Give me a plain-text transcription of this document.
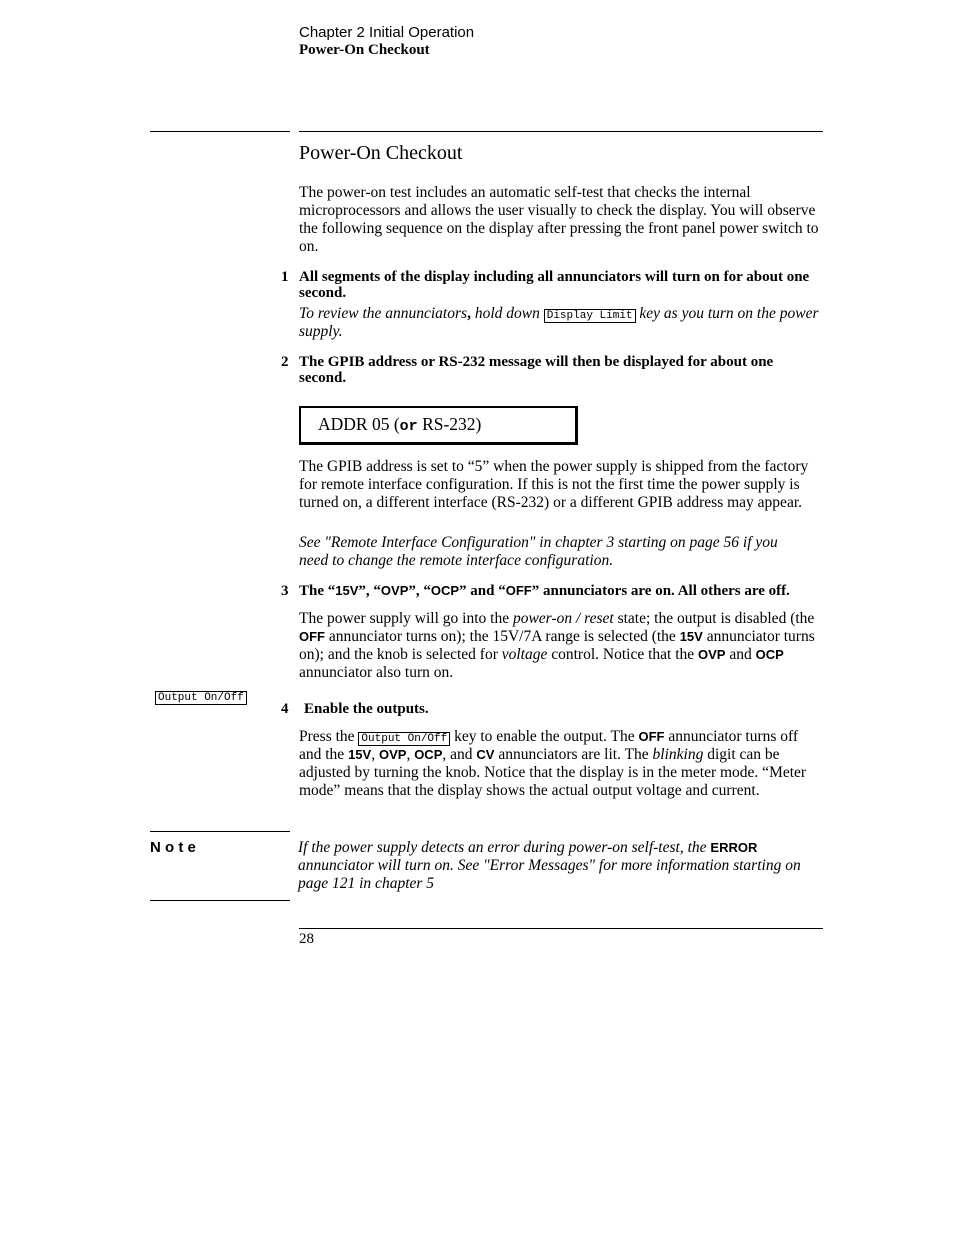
Chapter 2 Initial Operation
Power-On Checkout
Power-On Checkout
The power-on test includes an automatic self-test that checks the internal microprocessors and allows the user visually to check the display. You will observe the following sequence on the display after pressing the front panel power switch to on.
1 All segments of the display including all annunciators will turn on for about one second.
To review the annunciators, hold down Display Limit key as you turn on the power supply.
2 The GPIB address or RS-232 message will then be displayed for about one second.
ADDR 05 (or RS-232)
The GPIB address is set to “5” when the power supply is shipped from the factory for remote interface configuration. If this is not the first time the power supply is turned on, a different interface (RS-232) or a different GPIB address may appear.
See "Remote Interface Configuration" in chapter 3 starting on page 56 if you
need to change the remote interface configuration.
3 The “15V”, “OVP”, “OCP” and “OFF” annunciators are on. All others are off.
The power supply will go into the power-on / reset state; the output is disabled (the OFF annunciator turns on); the 15V/7A range is selected (the 15V annunciator turns on); and the knob is selected for voltage control. Notice that the OVP and OCP annunciator also turn on.
Output On/Off
4 Enable the outputs.
Press the Output On/Off key to enable the output. The OFF annunciator turns off and the 15V, OVP, OCP, and CV annunciators are lit. The blinking digit can be adjusted by turning the knob. Notice that the display is in the meter mode. “Meter mode” means that the display shows the actual output voltage and current.
N o t e	If the power supply detects an error during power-on self-test, the ERROR annunciator will turn on. See "Error Messages" for more information starting on page 121 in chapter 5
28
